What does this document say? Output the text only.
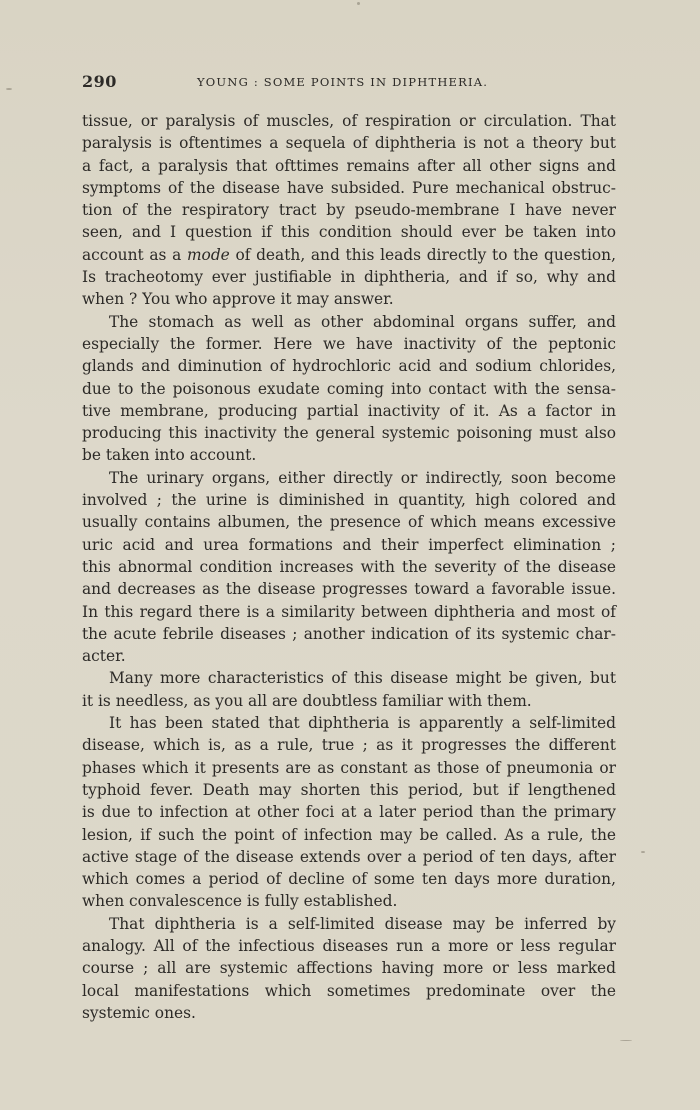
290	YOUNG : SOME POINTS IN DIPHTHERIA.

tissue, or paralysis of muscles, of respiration or circulation. That

paralysis is oftentimes a sequela of diphtheria is not a theory but

a fact, a paralysis that ofttimes remains after all other signs and

symptoms of the disease have subsided. Pure mechanical obstruc-

tion of the respiratory tract by pseudo-membrane I have never

seen, and I question if this condition should ever be taken into

account as a mode of death, and this leads directly to the question,

Is tracheotomy ever justifiable in diphtheria, and if so, why and

when ? You who approve it may answer.

The stomach as well as other abdominal organs suffer, and

especially the former. Here we have inactivity of the peptonic

glands and diminution of hydrochloric acid and sodium chlorides,

due to the poisonous exudate coming into contact with the sensa-

tive membrane, producing partial inactivity of it. As a factor in

producing this inactivity the general systemic poisoning must also

be taken into account.

The urinary organs, either directly or indirectly, soon become

involved ; the urine is diminished in quantity, high colored and

usually contains albumen, the presence of which means excessive

uric acid and urea formations and their imperfect elimination ;

this abnormal condition increases with the severity of the disease

and decreases as the disease progresses toward a favorable issue.

In this regard there is a similarity between diphtheria and most of

the acute febrile diseases ; another indication of its systemic char-

acter.

Many more characteristics of this disease might be given, but

it is needless, as you all are doubtless familiar with them.

It has been stated that diphtheria is apparently a self-limited

disease, which is, as a rule, true ; as it progresses the different

phases which it presents are as constant as those of pneumonia or

typhoid fever. Death may shorten this period, but if lengthened

is due to infection at other foci at a later period than the primary

lesion, if such the point of infection may be called. As a rule, the

active stage of the disease extends over a period of ten days, after

which comes a period of decline of some ten days more duration,

when convalescence is fully established.

That diphtheria is a self-limited disease may be inferred by

analogy. All of the infectious diseases run a more or less regular

course ; all are systemic affections having more or less marked

local manifestations which sometimes predominate over the

systemic ones.
